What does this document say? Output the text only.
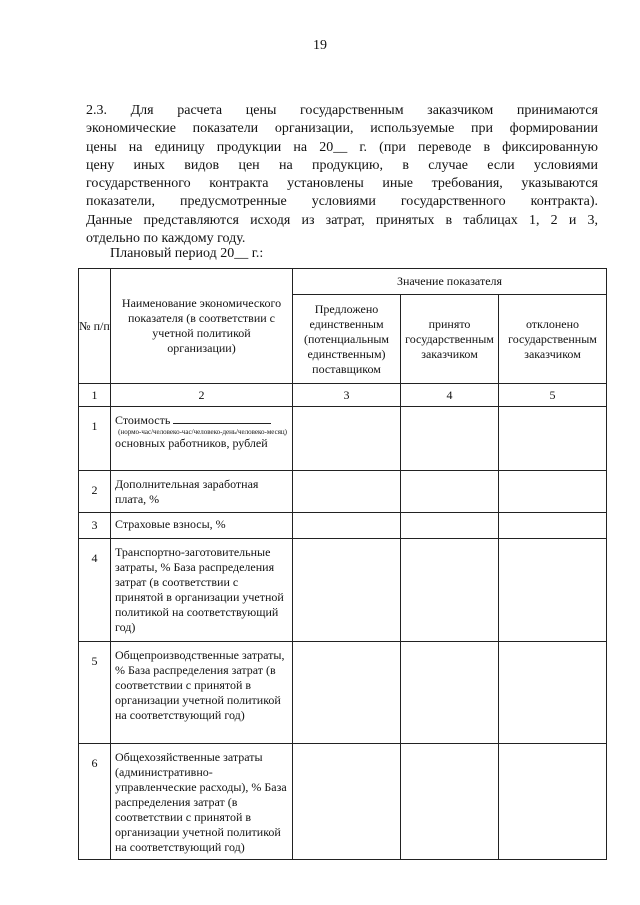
19
2.3. Для расчета цены государственным заказчиком принимаются
экономические показатели организации, используемые при формировании
цены на единицу продукции на 20__ г. (при переводе в фиксированную
цену иных видов цен на продукцию, в случае если условиями
государственного контракта установлены иные требования, указываются
показатели, предусмотренные условиями государственного контракта).
Данные представляются исходя из затрат, принятых в таблицах 1, 2 и 3,
отдельно по каждому году.
Плановый период 20__ г.:
№ п/п	Наименование экономического показателя (в соответствии с учетной политикой организации)	Значение показателя		
		Предложено единственным (потенциальным единственным) поставщиком	принято государственным заказчиком	отклонено государственным заказчиком
1	2	3	4	5
1	Стоимость
(нормо-час/человеко-час/человеко-день/человеко-месяц)
основных работников, рублей			
2	Дополнительная заработная плата, %			
3	Страховые взносы, %			
4	Транспортно-заготовительные затраты, % База распределения затрат (в соответствии с принятой в организации учетной политикой на соответствующий год)			
5	Общепроизводственные затраты, % База распределения затрат (в соответствии с принятой в организации учетной политикой на соответствующий год)			
6	Общехозяйственные затраты (административно-управленческие расходы), % База распределения затрат (в соответствии с принятой в организации учетной политикой на соответствующий год)			
